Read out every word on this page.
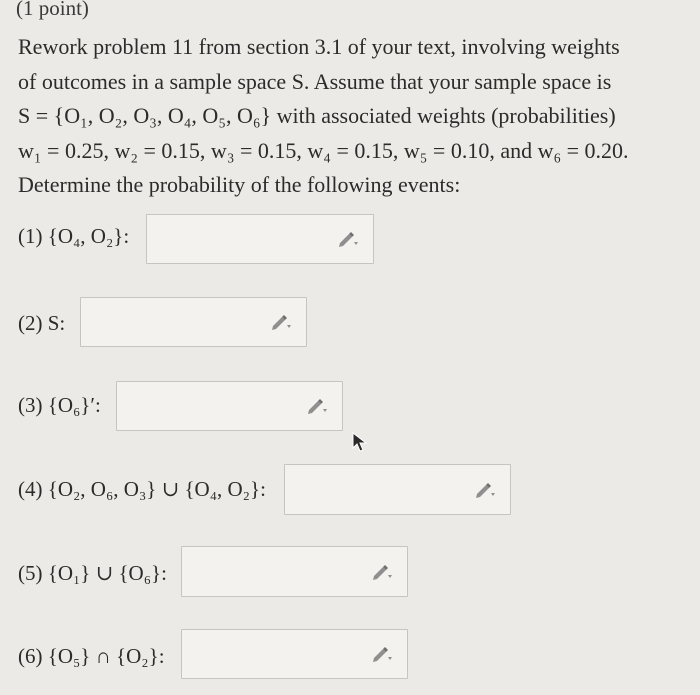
(1 point)
Rework problem 11 from section 3.1 of your text, involving weights
of outcomes in a sample space S. Assume that your sample space is
S = {O₁, O₂, O₃, O₄, O₅, O₆} with associated weights (probabilities)
w₁ = 0.25, w₂ = 0.15, w₃ = 0.15, w₄ = 0.15, w₅ = 0.10, and w₆ = 0.20.
Determine the probability of the following events:
(1) {O₄, O₂}:
(2) S:
(3) {O₆}′:
(4) {O₂, O₆, O₃} ∪ {O₄, O₂}:
(5) {O₁} ∪ {O₆}:
(6) {O₅} ∩ {O₂}:
